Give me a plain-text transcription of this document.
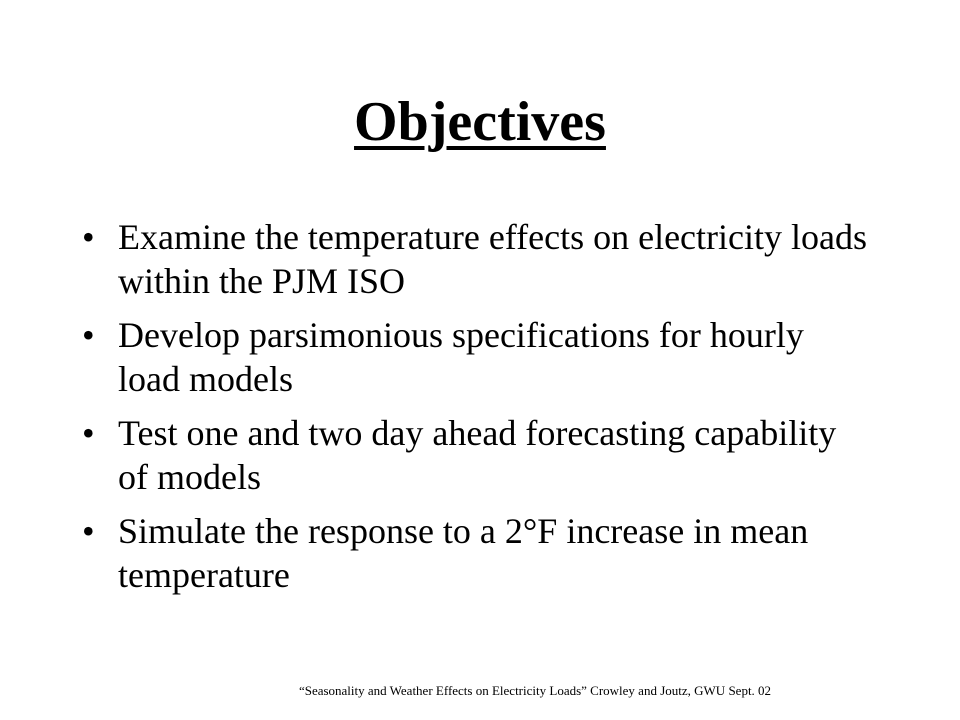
Objectives
• Examine the temperature effects on electricity loads within the PJM ISO
• Develop parsimonious specifications for hourly load models
• Test one and two day ahead forecasting capability of models
• Simulate the response to a 2°F increase in mean temperature

“Seasonality and Weather Effects on Electricity Loads” Crowley and Joutz, GWU Sept. 02
